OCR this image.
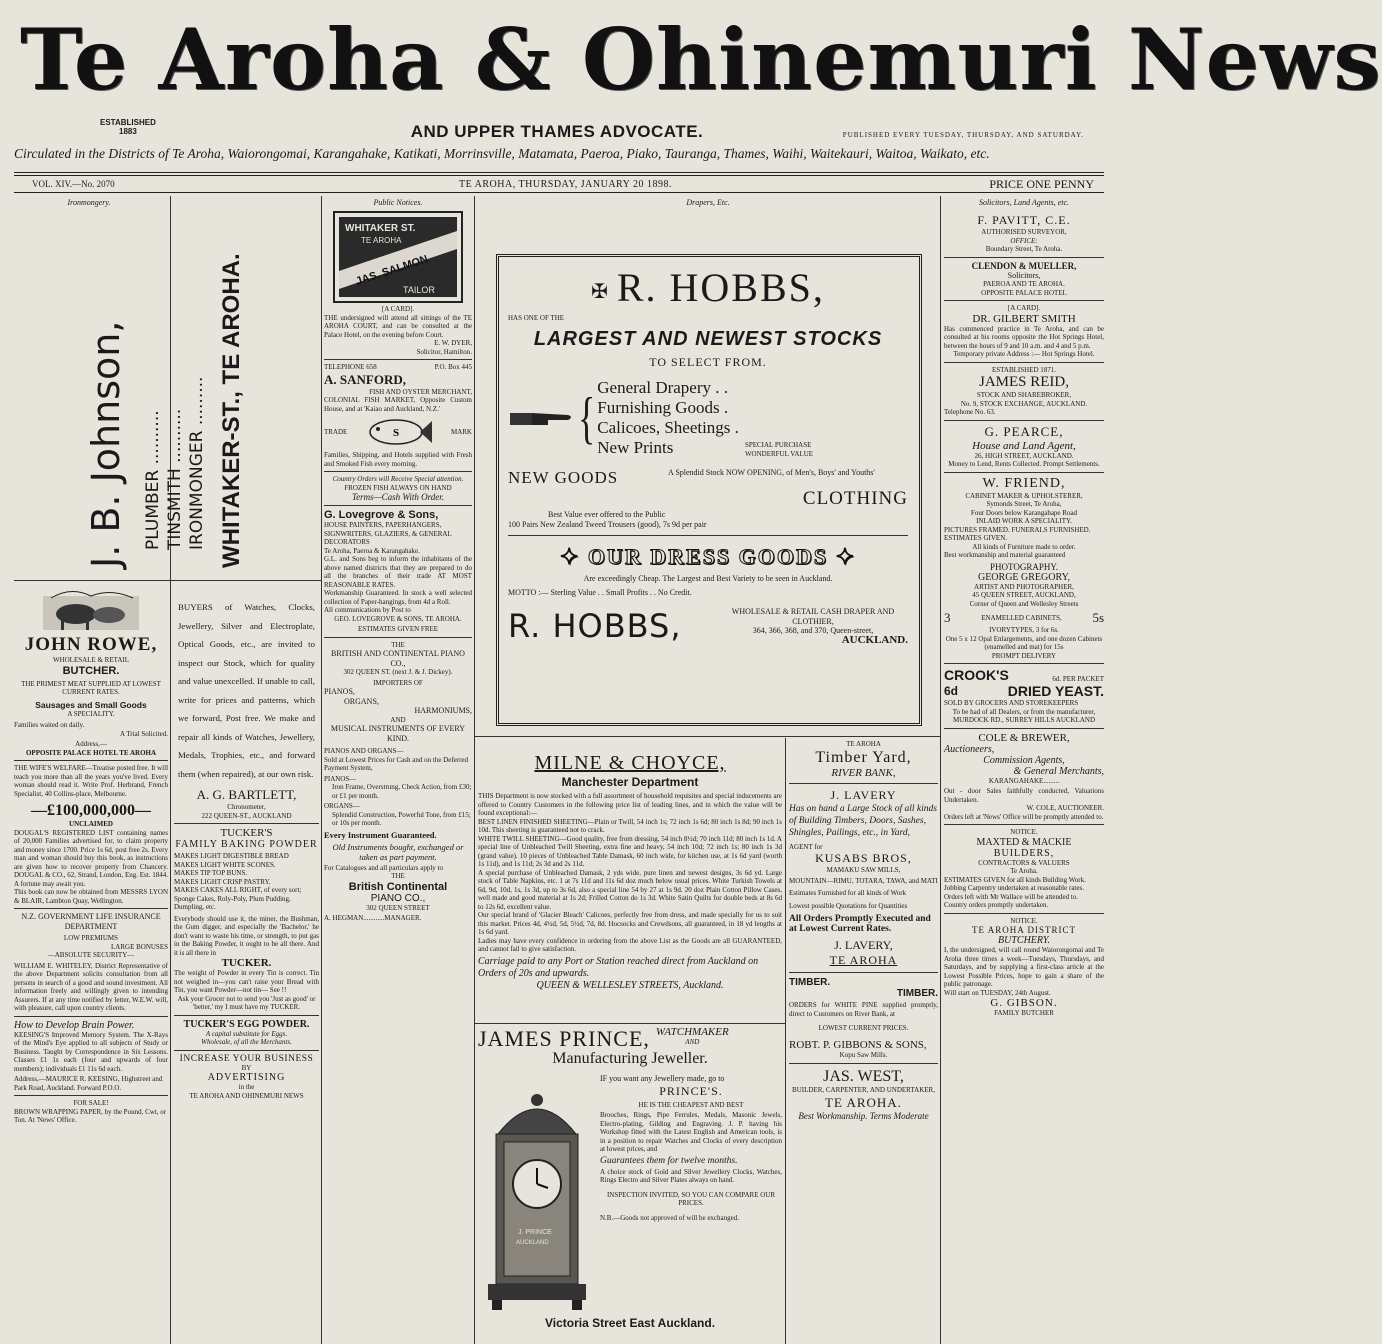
Te Aroha & Ohinemuri News
ESTABLISHED
1883	AND UPPER THAMES ADVOCATE.	PUBLISHED EVERY TUESDAY, THURSDAY, AND SATURDAY.
Circulated in the Districts of Te Aroha, Waiorongomai, Karangahake, Katikati, Morrinsville, Matamata, Paeroa, Piako, Tauranga, Thames, Waihi, Waitekauri, Waitoa, Waikato, etc.
VOL. XIV.—No. 2070	TE AROHA, THURSDAY, JANUARY 20 1898.	PRICE ONE PENNY
Ironmongery.
J. B. Johnson, PLUMBER .......... TINSMITH .......... IRONMONGER ......... WHITAKER-ST., TE AROHA.
JOHN ROWE,
WHOLESALE & RETAIL
BUTCHER.
THE PRIMEST MEAT SUPPLIED AT LOWEST CURRENT RATES.
Sausages and Small Goods
A SPECIALITY.
Families waited on daily.
A Trial Solicited.
Address,—
OPPOSITE PALACE HOTEL TE AROHA
THE WIFE'S WELFARE—Treatise posted free. It will teach you more than all the years you've lived. Every woman should read it. Write Prof. Herbrand, French Specialist, 40 Collins-place, Melbourne.
—£100,000,000—
UNCLAIMED
DOUGAL'S REGISTERED LIST containing names of 20,000 Families advertised for, to claim property and money since 1700. Price 1s 6d, post free 2s. Every man and woman should buy this book, as instructions are given how to recover property from Chancery. DOUGAL & CO., 62, Strand, London, Eng. Est. 1844. A fortune may await you.
This book can now be obtained from MESSRS LYON & BLAIR, Lambton Quay, Wellington.
N.Z. GOVERNMENT LIFE INSURANCE DEPARTMENT
LOW PREMIUMS
LARGE BONUSES
—ABSOLUTE SECURITY—
WILLIAM E. WHITELEY, District Representative of the above Department solicits consultation from all persons in search of a good and sound investment. All information freely and willingly given to intending Assurers. If at any time notified by letter, W.E.W. will, with pleasure, call upon country clients.
How to Develop Brain Power.
KEESING'S Improved Memory System. The X-Rays of the Mind's Eye applied to all subjects of Study or Business. Taught by Correspondence in Six Lessons. Classes £1 1s each (four and upwards of four members); individuals £1 11s 6d each.
Address,—MAURICE R. KEESING, Highstreet and Park Road, Auckland. Forward P.O.O.
FOR SALE!
BROWN WRAPPING PAPER, by the Pound, Cwt, or Ton. At 'News' Office.
BUYERS of Watches, Clocks, Jewellery, Silver and Electroplate, Optical Goods, etc., are invited to inspect our Stock, which for quality and value unexcelled. If unable to call, write for prices and patterns, which we forward, Post free. We make and repair all kinds of Watches, Jewellery, Medals, Trophies, etc., and forward them (when repaired), at our own risk.
A. G. BARTLETT,
Chronometer,
222 QUEEN-ST., AUCKLAND
TUCKER'S
FAMILY BAKING POWDER
MAKES LIGHT DIGESTIBLE BREAD
MAKES LIGHT WHITE SCONES.
MAKES TIP TOP BUNS.
MAKES LIGHT CRISP PASTRY.
MAKES CAKES ALL RIGHT, of every sort; Sponge Cakes, Roly-Poly, Plum Pudding, Dumpling, etc.
Everybody should use it, the miner, the Bushman, the Gum digger, and especially the 'Bachelor,' he don't want to waste his time, or strength, to put gas in the Baking Powder, it ought to be all there. And it is all there in
TUCKER.
The weight of Powder in every Tin is correct. Tin not weighed in—you can't raise your Bread with Tin, you want Powder—not tin— See !!
Ask your Grocer not to send you 'Just as good' or 'better,' my I must have my TUCKER.
TUCKER'S EGG POWDER.
A capital substitute for Eggs.
Wholesale, of all the Merchants.
INCREASE YOUR BUSINESS
BY
ADVERTISING
in the
TE AROHA AND OHINEMURI NEWS
Public Notices.
WHITAKER ST.
TE AROHA
JAS. SALMON
TAILOR
[A CARD].
THE undersigned will attend all sittings of the TE AROHA COURT, and can be consulted at the Palace Hotel, on the evening before Court.
E. W. DYER,
Solicitor, Hamilton.
TELEPHONE 658	P.O. Box 445
A. SANFORD,
FISH AND OYSTER MERCHANT,
COLONIAL FISH MARKET, Opposite Custom House, and at 'Kaiao and Auckland, N.Z.'
TRADE	S	MARK
Families, Shipping, and Hotels supplied with Fresh and Smoked Fish every morning.
Country Orders will Receive Special attention.
FROZEN FISH ALWAYS ON HAND
Terms—Cash With Order.
G. Lovegrove & Sons,
HOUSE PAINTERS, PAPERHANGERS, SIGNWRITERS, GLAZIERS, & GENERAL DECORATORS
Te Aroha, Paeroa & Karangahake.
G.L. and Sons beg to inform the inhabitants of the above named districts that they are prepared to do all the branches of their trade AT MOST REASONABLE RATES.
Workmanship Guaranteed. In stock a well selected collection of Paper-hangings, from 4d a Roll.
All communications by Post to
GEO. LOVEGROVE & SONS, TE AROHA.
ESTIMATES GIVEN FREE
THE
BRITISH AND CONTINENTAL PIANO CO.,
302 QUEEN ST. (next J. & J. Dickey).
IMPORTERS OF
PIANOS,
ORGANS,
HARMONIUMS,
AND
MUSICAL INSTRUMENTS OF EVERY KIND.
PIANOS AND ORGANS—
Sold at Lowest Prices for Cash and on the Deferred Payment System,
PIANOS—
Iron Frame, Overstrung, Check Action, from £30; or £1 per month.
ORGANS—
Splendid Construction, Powerful Tone, from £15; or 10s per month.
Every Instrument Guaranteed.
Old Instruments bought, exchanged or taken as part payment.
For Catalogues and all particulars apply to
THE
British Continental
PIANO CO.,
302 QUEEN STREET
A. HEGMAN............MANAGER.
Drapers, Etc.
✠ R. HOBBS,
HAS ONE OF THE
LARGEST AND NEWEST STOCKS
TO SELECT FROM.
{ General Drapery . .
Furnishing Goods .
Calicoes, Sheetings .
New Prints	SPECIAL PURCHASE WONDERFUL VALUE
NEW GOODS	A Splendid Stock NOW OPENING, of Men's, Boys' and Youths'
CLOTHING
Best Value ever offered to the Public
100 Pairs New Zealand Tweed Trousers (good), 7s 9d per pair
✦ OUR DRESS GOODS ✦
Are exceedingly Cheap. The Largest and Best Variety to be seen in Auckland.
MOTTO :— Sterling Value . . Small Profits . . No Credit.
R. HOBBS,	WHOLESALE & RETAIL CASH DRAPER AND CLOTHIER,
364, 366, 368, and 370, Queen-street,
AUCKLAND.
MILNE & CHOYCE,
Manchester Department
THIS Department is now stocked with a full assortment of household requisites and special inducements are offered to Country Customers in the following price list of leading lines, and in which the value will be found exceptional:—
BEST LINEN FINISHED SHEETING—Plain or Twill, 54 inch 1s; 72 inch 1s 6d; 80 inch 1s 8d; 90 inch 1s 10d. This sheeting is guaranteed not to crack.
WHITE TWILL SHEETING—Good quality, free from dressing, 54 inch 8½d; 70 inch 11d; 80 inch 1s 1d. A special line of Unbleached Twill Sheeting, extra fine and heavy, 54 inch 10d; 72 inch 1s; 80 inch 1s 3d (grand value). 10 pieces of Unbleached Table Damask, 60 inch wide, for kitchen use, at 1s 6d yard (worth 1s 11d), and 1s 11d; 2s 3d and 2s 11d.
A special purchase of Unbleached Damask, 2 yds wide, pure linen and newest designs, 3s 6d yd. Large stock of Table Napkins, etc. 1 at 7s 11d and 11s 6d doz much below usual prices. White Turkish Towels at 6d, 9d, 10d, 1s, 1s 3d, up to 3s 6d, also a special line 54 by 27 at 1s 9d. 20 doz Plain Cotton Pillow Cases, well made and good material at 1s 2d; Frilled Cotton do 1s 3d. White Satin Quilts for double beds at 8s 6d to 12s 6d, excellent value.
Our special brand of 'Glacier Bleach' Calicoes, perfectly free from dress, and made specially for us to suit this market. Prices 4d, 4½d, 5d, 5½d, 7d, 8d. Hocsocks and Crewdsons, all guaranteed, in 18 yd lengths at 1s 6d yard.
Ladies may have every confidence in ordering from the above List as the Goods are all GUARANTEED, and cannot fail to give satisfaction.
Carriage paid to any Port or Station reached direct from Auckland on Orders of 20s and upwards.
QUEEN & WELLESLEY STREETS, Auckland.
JAMES PRINCE, WATCHMAKER
AND
Manufacturing Jeweller.
J. PRINCE
AUCKLAND
IF you want any Jewellery made, go to
PRINCE'S.
HE IS THE CHEAPEST AND BEST
Brooches, Rings, Pipe Ferrules, Medals, Masonic Jewels, Electro-plating, Gilding and Engraving. J. P. having his Workshop fitted with the Latest English and American tools, is in a position to repair Watches and Clocks of every description at lowest prices, and
Guarantees them for twelve months.
A choice stock of Gold and Silver Jewellery Clocks, Watches, Rings Electro and Silver Plates always on hand.
INSPECTION INVITED, SO YOU CAN COMPARE OUR PRICES.
N.B.—Goods not approved of will be exchanged.
Victoria Street East Auckland.
TE AROHA
Timber Yard,
RIVER BANK,
J. LAVERY
Has on hand a Large Stock of all kinds of Building Timbers, Doors, Sashes, Shingles, Pailings, etc., in Yard,
AGENT for
KUSABS BROS,
MAMAKU SAW MILLS,
MOUNTAIN—RIMU, TOTARA, TAWA, and MATI
Estimates Furnished for all kinds of Work
Lowest possible Quotations for Quantities
All Orders Promptly Executed and at Lowest Current Rates.
J. LAVERY,
TE AROHA
TIMBER.
TIMBER.
ORDERS for WHITE PINE supplied promptly, direct to Customers on River Bank, at
LOWEST CURRENT PRICES.
ROBT. P. GIBBONS & SONS,
Kopu Saw Mills.
JAS. WEST,
BUILDER, CARPENTER, AND UNDERTAKER,
TE AROHA.
Best Workmanship. Terms Moderate
Solicitors, Land Agents, etc.
F. PAVITT, C.E.
AUTHORISED SURVEYOR,
OFFICE:
Boundary Street, Te Aroha.
CLENDON & MUELLER,
Solicitors,
PAEROA AND TE AROHA.
OPPOSITE PALACE HOTEL
[A CARD].
DR. GILBERT SMITH
Has commenced practice in Te Aroha, and can be consulted at his rooms opposite the Hot Springs Hotel, between the hours of 9 and 10 a.m. and 4 and 5 p.m.
Temporary private Address :— Hot Springs Hotel.
ESTABLISHED 1871.
JAMES REID,
STOCK AND SHAREBROKER,
No. 9, STOCK EXCHANGE, AUCKLAND.
Telephone No. 63.
G. PEARCE,
House and Land Agent,
26, HIGH STREET, AUCKLAND.
Money to Lend, Rents Collected. Prompt Settlements.
W. FRIEND,
CABINET MAKER & UPHOLSTERER,
Symonds Street, Te Aroha,
Four Doors below Karangahape Road
INLAID WORK A SPECIALITY.
PICTURES FRAMED. FUNERALS FURNISHED. ESTIMATES GIVEN.
All kinds of Furniture made to order.
Best workmanship and material guaranteed
PHOTOGRAPHY.
GEORGE GREGORY,
ARTIST AND PHOTOGRAPHER,
45 QUEEN STREET, AUCKLAND,
Corner of Queen and Wellesley Streets
3	ENAMELLED CABINETS, 5s
IVORYTYPES, 3 for 6s.
One 5 x 12 Opal Enlargements, and one dozen Cabinets (enamelled and mat) for 15s
PROMPT DELIVERY
CROOK'S	6d. PER PACKET
6d	DRIED YEAST.
SOLD BY GROCERS AND STOREKEEPERS
To be had of all Dealers, or from the manufacturer,
MURDOCK RD., SURREY HILLS AUCKLAND
COLE & BREWER,
Auctioneers,
Commission Agents,
& General Merchants,
KARANGAHAKE.........
Out - door Sales faithfully conducted, Valuations Undertaken.
W. COLE, AUCTIONEER.
Orders left at 'News' Office will be promptly attended to.
NOTICE.
MAXTED & MACKIE
BUILDERS,
CONTRACTORS & VALUERS
Te Aroha.
ESTIMATES GIVEN for all kinds Building Work.
Jobbing Carpentry undertaken at reasonable rates.
Orders left with Mr Wallace will be attended to.
Country orders promptly undertaken.
NOTICE.
TE AROHA DISTRICT
BUTCHERY.
I, the undersigned, will call round Waiorongomai and Te Aroha three times a week—Tuesdays, Thursdays, and Saturdays, and by supplying a first-class article at the Lowest Possible Prices, hope to gain a share of the public patronage.
Will start on TUESDAY, 24th August.
G. GIBSON.
FAMILY BUTCHER
